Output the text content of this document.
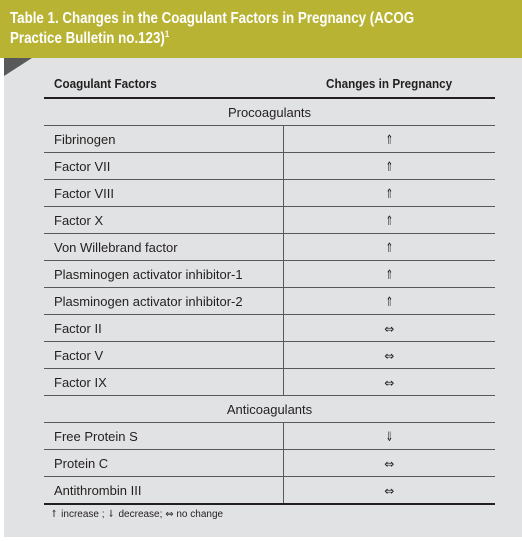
Table 1. Changes in the Coagulant Factors in Pregnancy (ACOG Practice Bulletin no.123)$^1$
Coagulant Factors	Changes in Pregnancy
Procoagulants	
Fibrinogen	⇑
Factor VII	⇑
Factor VIII	⇑
Factor X	⇑
Von Willebrand factor	⇑
Plasminogen activator inhibitor-1	⇑
Plasminogen activator inhibitor-2	⇑
Factor II	⇔
Factor V	⇔
Factor IX	⇔
Anticoagulants	
Free Protein S	⇓
Protein C	⇔
Antithrombin III	⇔
⇑ increase ; ⇓ decrease; ⇔ no change
